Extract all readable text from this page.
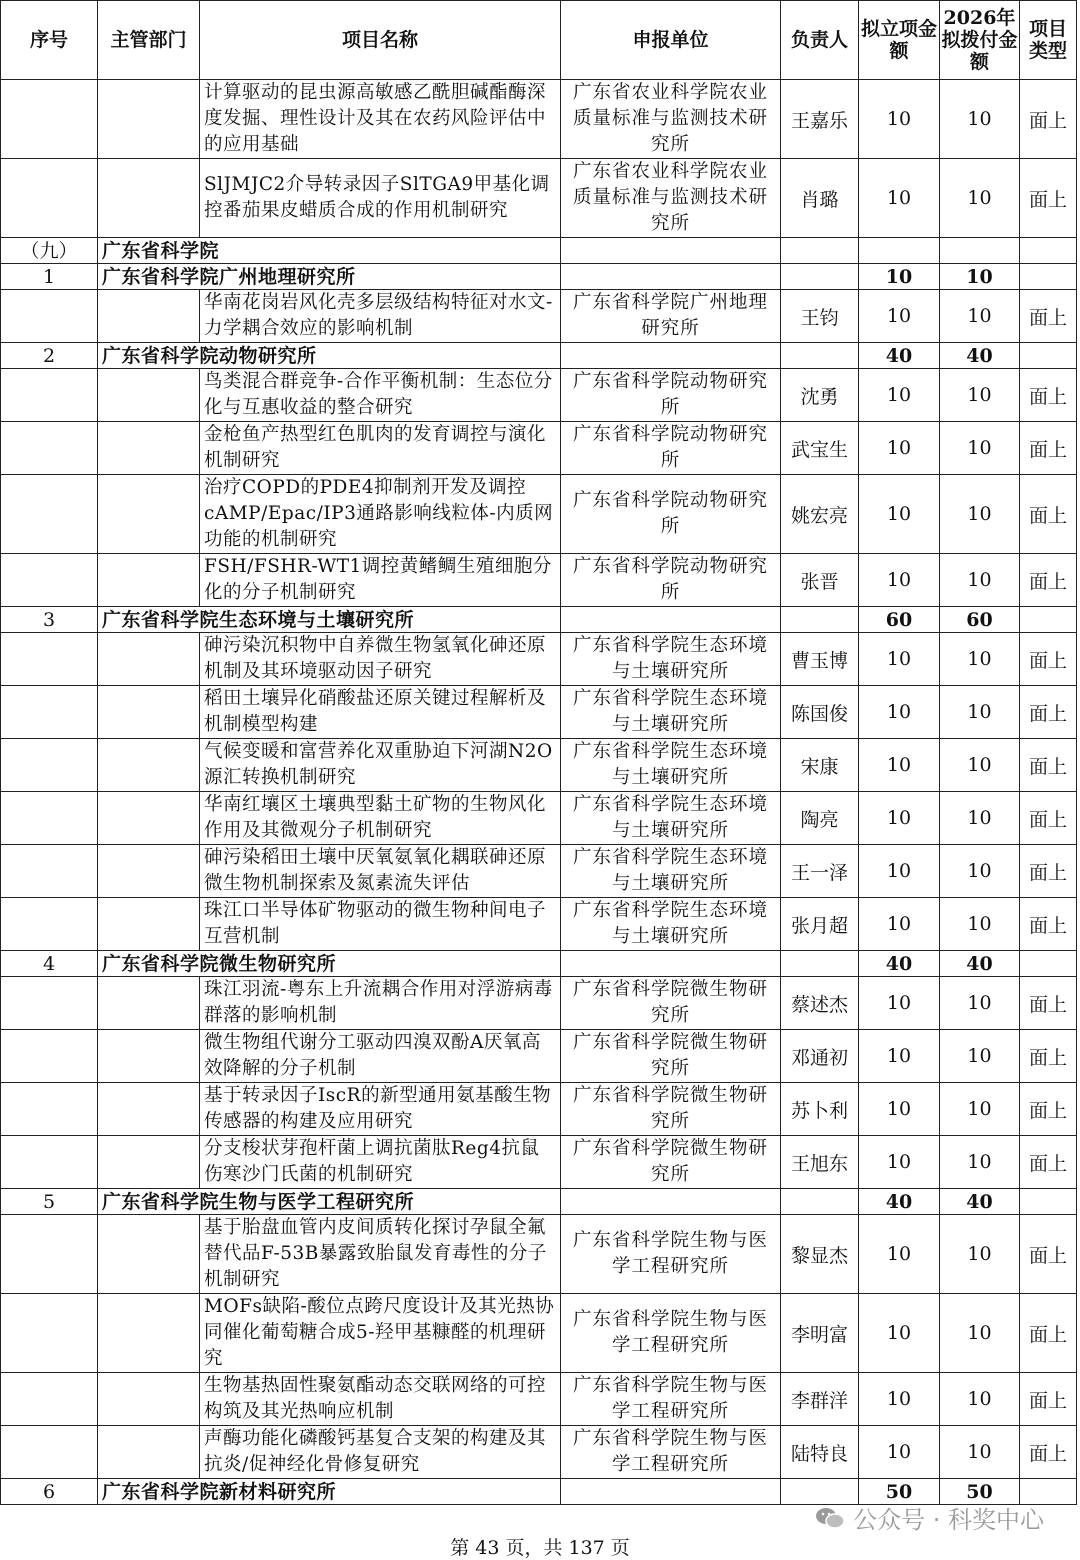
序号	主管部门	项目名称	申报单位	负责人	拟立项金额	2026年拟拨付金额	项目类型
		计算驱动的昆虫源高敏感乙酰胆碱酯酶深度发掘、理性设计及其在农药风险评估中的应用基础	广东省农业科学院农业质量标准与监测技术研究所	王嘉乐	10	10	面上
		SlJMJC2介导转录因子SlTGA9甲基化调控番茄果皮蜡质合成的作用机制研究	广东省农业科学院农业质量标准与监测技术研究所	肖璐	10	10	面上
（九）	广东省科学院						
1	广东省科学院广州地理研究所				10	10	
		华南花岗岩风化壳多层级结构特征对水文-力学耦合效应的影响机制	广东省科学院广州地理研究所	王钧	10	10	面上
2	广东省科学院动物研究所				40	40	
		鸟类混合群竞争-合作平衡机制：生态位分化与互惠收益的整合研究	广东省科学院动物研究所	沈勇	10	10	面上
		金枪鱼产热型红色肌肉的发育调控与演化机制研究	广东省科学院动物研究所	武宝生	10	10	面上
		治疗COPD的PDE4抑制剂开发及调控cAMP/Epac/IP3通路影响线粒体-内质网功能的机制研究	广东省科学院动物研究所	姚宏亮	10	10	面上
		FSH/FSHR-WT1调控黄鳍鲷生殖细胞分化的分子机制研究	广东省科学院动物研究所	张晋	10	10	面上
3	广东省科学院生态环境与土壤研究所				60	60	
		砷污染沉积物中自养微生物氢氧化砷还原机制及其环境驱动因子研究	广东省科学院生态环境与土壤研究所	曹玉博	10	10	面上
		稻田土壤异化硝酸盐还原关键过程解析及机制模型构建	广东省科学院生态环境与土壤研究所	陈国俊	10	10	面上
		气候变暖和富营养化双重胁迫下河湖N2O源汇转换机制研究	广东省科学院生态环境与土壤研究所	宋康	10	10	面上
		华南红壤区土壤典型黏土矿物的生物风化作用及其微观分子机制研究	广东省科学院生态环境与土壤研究所	陶亮	10	10	面上
		砷污染稻田土壤中厌氧氨氧化耦联砷还原微生物机制探索及氮素流失评估	广东省科学院生态环境与土壤研究所	王一泽	10	10	面上
		珠江口半导体矿物驱动的微生物种间电子互营机制	广东省科学院生态环境与土壤研究所	张月超	10	10	面上
4	广东省科学院微生物研究所				40	40	
		珠江羽流-粤东上升流耦合作用对浮游病毒群落的影响机制	广东省科学院微生物研究所	蔡述杰	10	10	面上
		微生物组代谢分工驱动四溴双酚A厌氧高效降解的分子机制	广东省科学院微生物研究所	邓通初	10	10	面上
		基于转录因子IscR的新型通用氨基酸生物传感器的构建及应用研究	广东省科学院微生物研究所	苏卜利	10	10	面上
		分支梭状芽孢杆菌上调抗菌肽Reg4抗鼠伤寒沙门氏菌的机制研究	广东省科学院微生物研究所	王旭东	10	10	面上
5	广东省科学院生物与医学工程研究所				40	40	
		基于胎盘血管内皮间质转化探讨孕鼠全氟替代品F-53B暴露致胎鼠发育毒性的分子机制研究	广东省科学院生物与医学工程研究所	黎显杰	10	10	面上
		MOFs缺陷-酸位点跨尺度设计及其光热协同催化葡萄糖合成5-羟甲基糠醛的机理研究	广东省科学院生物与医学工程研究所	李明富	10	10	面上
		生物基热固性聚氨酯动态交联网络的可控构筑及其光热响应机制	广东省科学院生物与医学工程研究所	李群洋	10	10	面上
		声酶功能化磷酸钙基复合支架的构建及其抗炎/促神经化骨修复研究	广东省科学院生物与医学工程研究所	陆特良	10	10	面上
6	广东省科学院新材料研究所				50	50	
公众号 · 科奖中心
第 43 页，共 137 页
